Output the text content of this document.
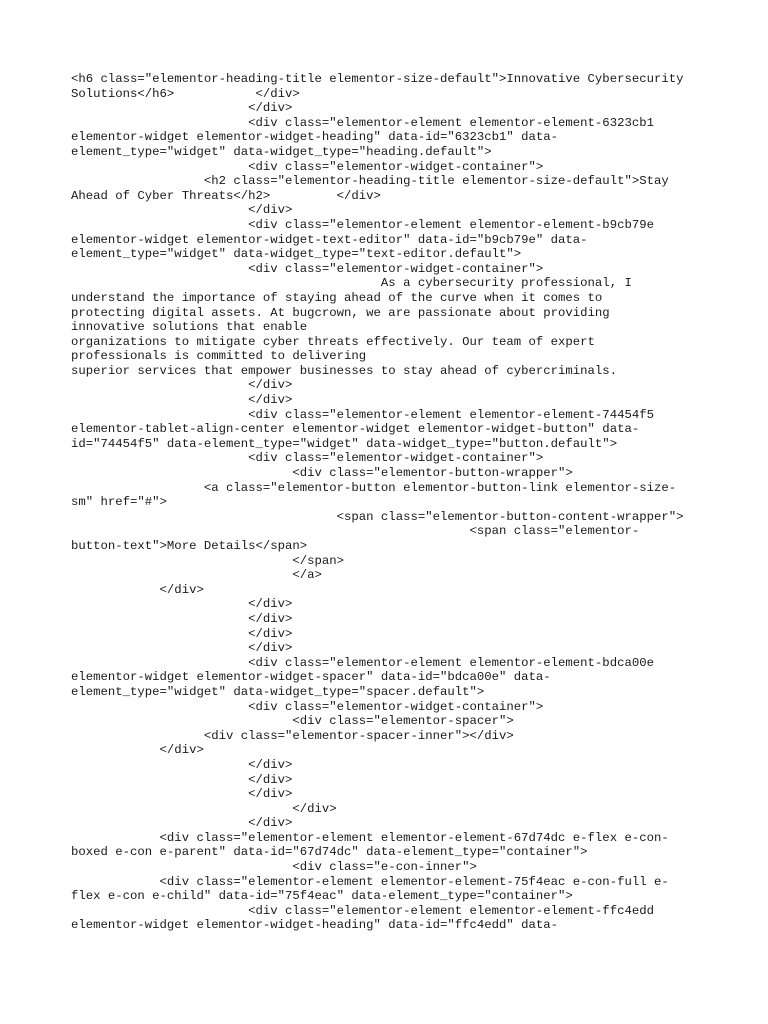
<h6 class="elementor-heading-title elementor-size-default">Innovative Cybersecurity
Solutions</h6>           </div>
</div>
<div class="elementor-element elementor-element-6323cb1
elementor-widget elementor-widget-heading" data-id="6323cb1" data-
element_type="widget" data-widget_type="heading.default">
<div class="elementor-widget-container">
<h2 class="elementor-heading-title elementor-size-default">Stay
Ahead of Cyber Threats</h2>         </div>
</div>
<div class="elementor-element elementor-element-b9cb79e
elementor-widget elementor-widget-text-editor" data-id="b9cb79e" data-
element_type="widget" data-widget_type="text-editor.default">
<div class="elementor-widget-container">
As a cybersecurity professional, I
understand the importance of staying ahead of the curve when it comes to
protecting digital assets. At bugcrown, we are passionate about providing
innovative solutions that enable
organizations to mitigate cyber threats effectively. Our team of expert
professionals is committed to delivering
superior services that empower businesses to stay ahead of cybercriminals.
</div>
</div>
<div class="elementor-element elementor-element-74454f5
elementor-tablet-align-center elementor-widget elementor-widget-button" data-
id="74454f5" data-element_type="widget" data-widget_type="button.default">
<div class="elementor-widget-container">
<div class="elementor-button-wrapper">
<a class="elementor-button elementor-button-link elementor-size-
sm" href="#">
<span class="elementor-button-content-wrapper">
<span class="elementor-
button-text">More Details</span>
</span>
</a>
</div>
</div>
</div>
</div>
</div>
<div class="elementor-element elementor-element-bdca00e
elementor-widget elementor-widget-spacer" data-id="bdca00e" data-
element_type="widget" data-widget_type="spacer.default">
<div class="elementor-widget-container">
<div class="elementor-spacer">
<div class="elementor-spacer-inner"></div>
</div>
</div>
</div>
</div>
</div>
</div>
<div class="elementor-element elementor-element-67d74dc e-flex e-con-
boxed e-con e-parent" data-id="67d74dc" data-element_type="container">
<div class="e-con-inner">
<div class="elementor-element elementor-element-75f4eac e-con-full e-
flex e-con e-child" data-id="75f4eac" data-element_type="container">
<div class="elementor-element elementor-element-ffc4edd
elementor-widget elementor-widget-heading" data-id="ffc4edd" data-
